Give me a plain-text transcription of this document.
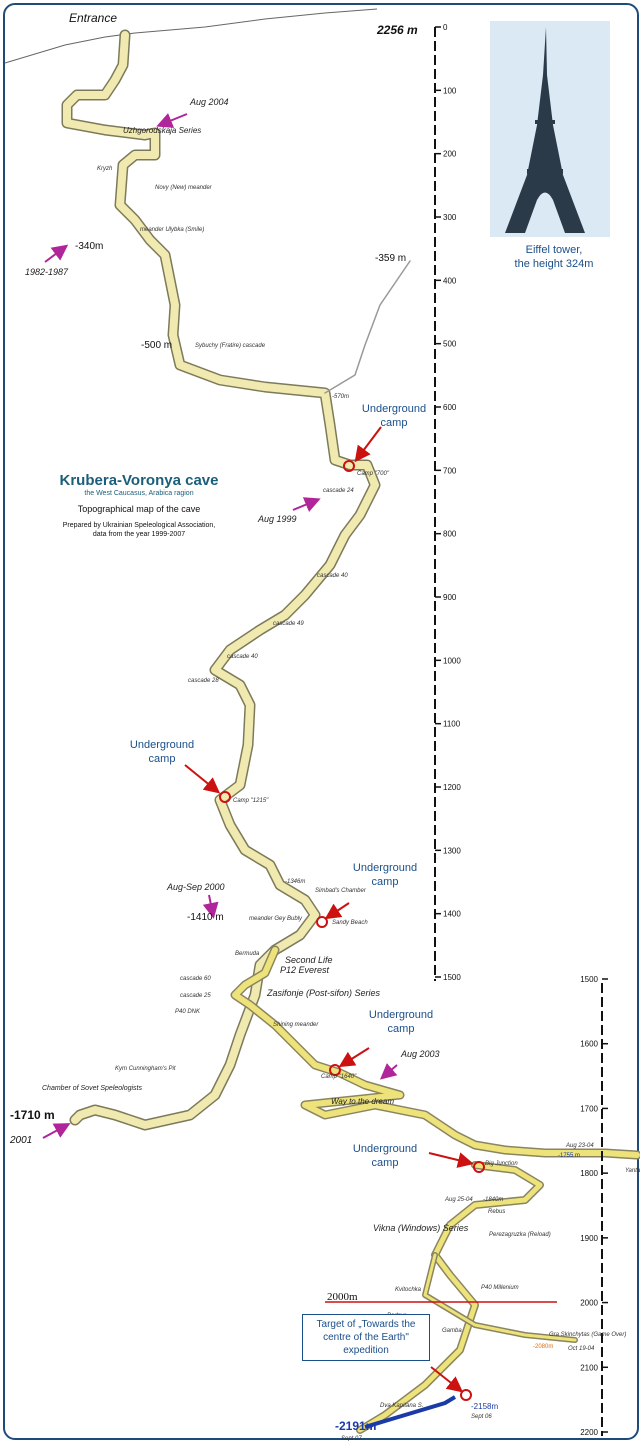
0
100
200
300
400
500
600
700
800
900
1000
1100
1200
1300
1400
1500	1500
1600
1700
1800
1900
2000
2100
2200
Entrance
2256 m
-340m
-359 m
-500 m
-570m
-1346m
-1410 m
-1710 m
-1755 m
-1840m
-2080m
-2158m
-2191m
2000m
Aug 2004
1982-1987
Aug 1999
Aug-Sep 2000
Aug 2003
2001	Aug 23-04
Aug 25-04
Oct 19-04
Sept 06
Sept 07
Uzhgorodskaja Series
Novy (New) meander
meander Ulybka (Smile)
Kryzh
Sybuchy (Fratire) cascade
Camp "700"
cascade 24
cascade 40
cascade 49
cascade 40
cascade 28
Camp "1215"
Simbad's Chamber
Sandy Beach
meander Gey Bubly
Bermuda
Second Life
P12 Everest
Zasifonje (Post-sifon) Series
Shining meander
Camp "1640"
Way to the dream
Big Junction
Rebus
Perezagruzka (Reload)
Vikna (Windows) Series
Kvitochka	P40 Millenium
Gamba
Gra Skinchytas (Game Over)
Dva Kapitana S.
cascade 60
cascade 25
P40 DNK
Kym Cunningham's Pit
Chamber of Sovet Speleologists
Yanta
Underground
camp
Underground
camp
Underground
camp
Underground
camp
Underground
camp
Krubera-Voronya cave
the West Caucasus, Arabica ragion
Topographical map of the cave
Prepared by Ukrainian Speleological Association,
data from the year 1999-2007
Eiffel tower,
the height 324m
Target of „Towards the
centre of the Earth"
expedition
